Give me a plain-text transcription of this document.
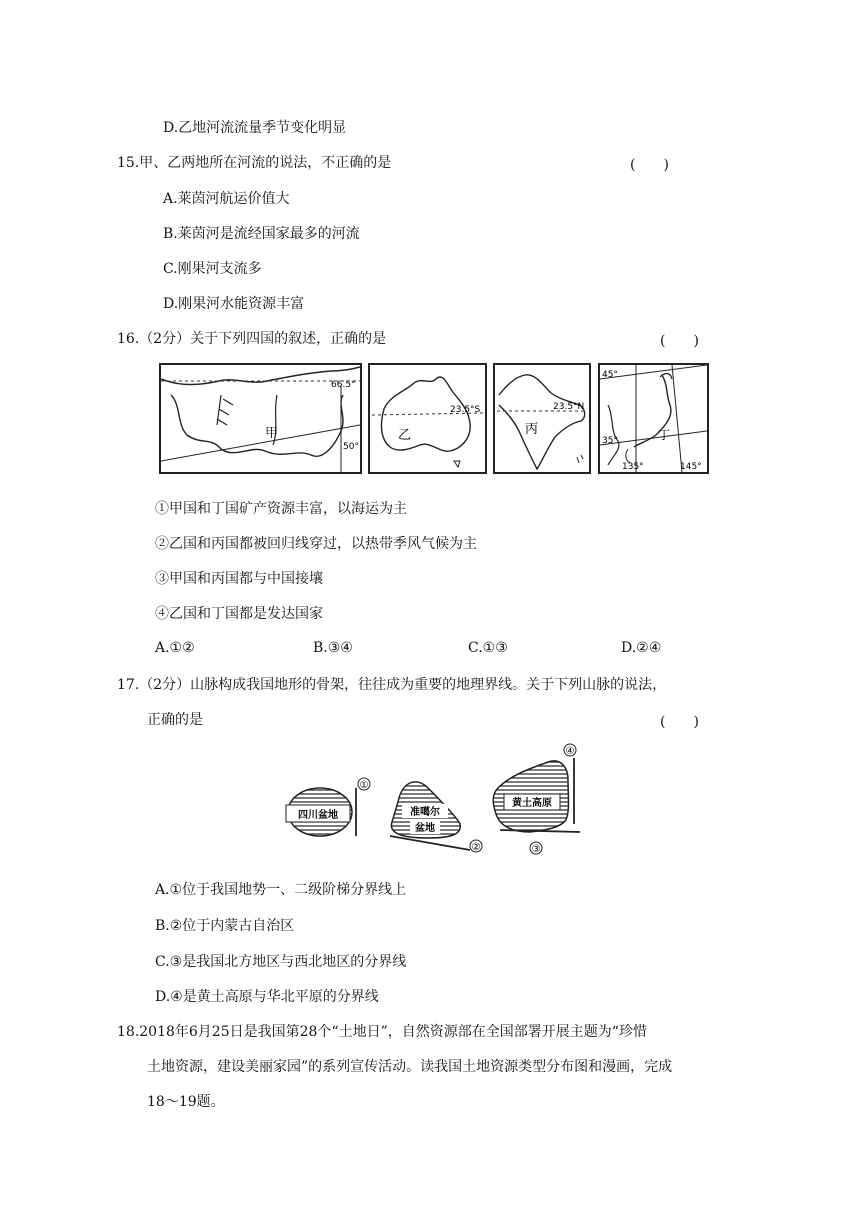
D.乙地河流流量季节变化明显
15.甲、乙两地所在河流的说法，不正确的是	(　　)
A.莱茵河航运价值大
B.莱茵河是流经国家最多的河流
C.刚果河支流多
D.刚果河水能资源丰富
16.（2分）关于下列四国的叙述，正确的是	(　　)
甲
66.5°
50°
乙
23.5°S
丙
23.5°N
45°
35°
135°	145°
丁
①甲国和丁国矿产资源丰富，以海运为主
②乙国和丙国都被回归线穿过，以热带季风气候为主
③甲国和丙国都与中国接壤
④乙国和丁国都是发达国家
A.①②	B.③④	C.①③	D.②④
17.（2分）山脉构成我国地形的骨架，往往成为重要的地理界线。关于下列山脉的说法，
正确的是	(　　)
四川盆地
①
准噶尔
盆地
②
黄土高原
④
③
A.①位于我国地势一、二级阶梯分界线上
B.②位于内蒙古自治区
C.③是我国北方地区与西北地区的分界线
D.④是黄土高原与华北平原的分界线
18.2018年6月25日是我国第28个“土地日”，自然资源部在全国部署开展主题为“珍惜
土地资源，建设美丽家园”的系列宣传活动。读我国土地资源类型分布图和漫画，完成
18～19题。
